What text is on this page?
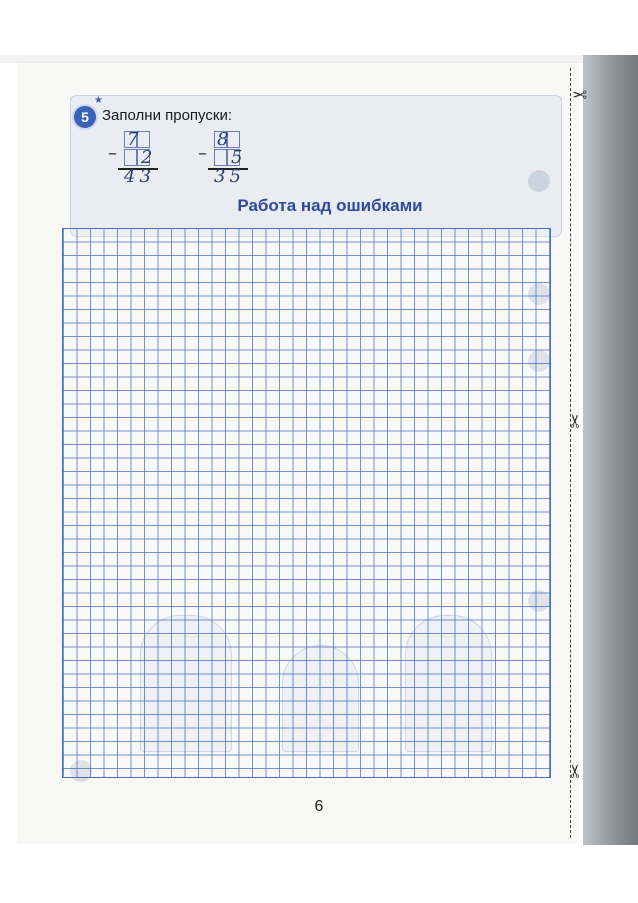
5
★
Заполни пропуски:
–
7
2
43
–
8
5
35
Работа над ошибками
6
✂
✂
✂
